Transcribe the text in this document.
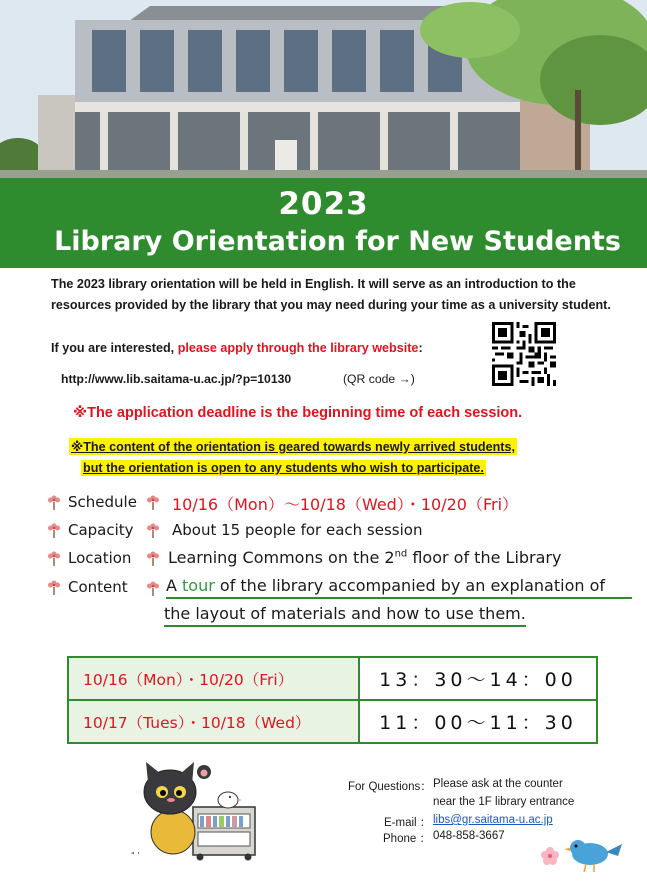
2023
Library Orientation for New Students
The 2023 library orientation will be held in English. It will serve as an introduction to the
resources provided by the library that you may need during your time as a university student.
If you are interested, please apply through the library website:
http://www.lib.saitama-u.ac.jp/?p=10130	(QR code →)
※The application deadline is the beginning time of each session.
※The content of the orientation is geared towards newly arrived students,
but the orientation is open to any students who wish to participate.
Schedule 10/16（Mon）～10/18（Wed）・10/20（Fri）
Capacity	About 15 people for each session
Location Learning Commons on the 2nd floor of the Library
Content A tour of the library accompanied by an explanation of
the layout of materials and how to use them.
10/16（Mon）・10/20（Fri）	13：30～14：00
10/17（Tues）・10/18（Wed）	11：00～11：30
" '
For Questions： Please ask at the counter
near the 1F library entrance
E-mail ： libs@gr.saitama-u.ac.jp
Phone ： 048-858-3667
